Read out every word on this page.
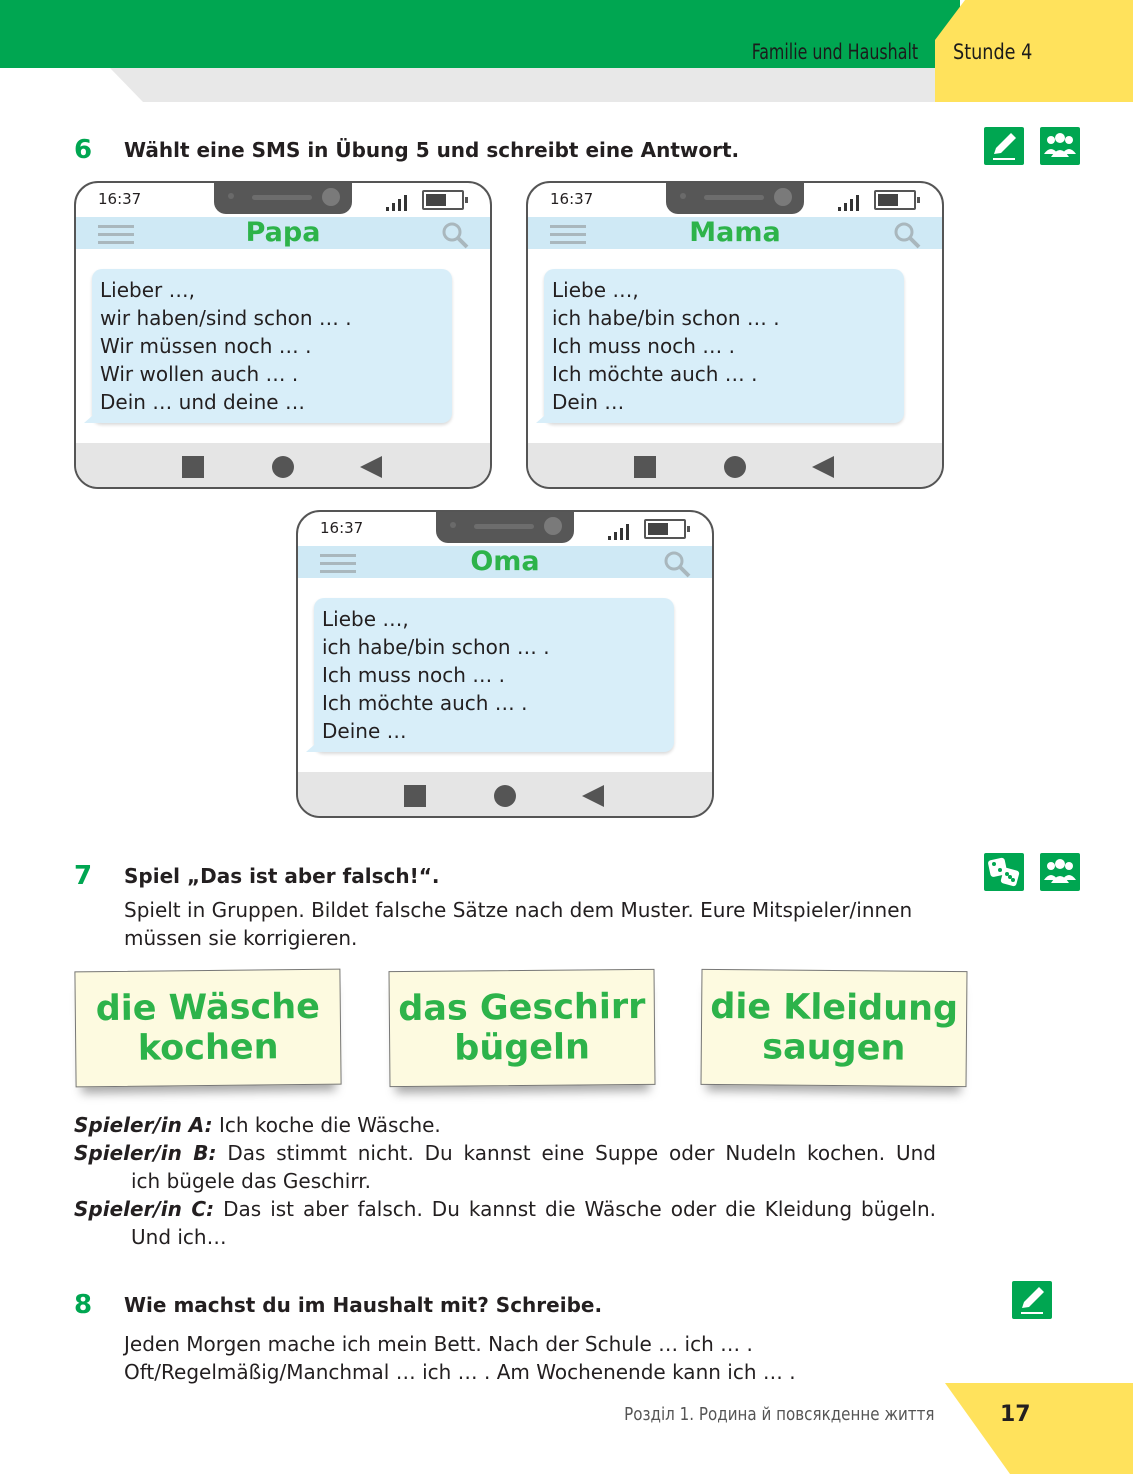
Familie und Haushalt Stunde 4
6 Wählt eine SMS in Übung 5 und schreibt eine Antwort.
16:37
Papa
Lieber …,
wir haben/sind schon … .
Wir müssen noch … .
Wir wollen auch … .
Dein … und deine …
16:37
Mama
Liebe …,
ich habe/bin schon … .
Ich muss noch … .
Ich möchte auch … .
Dein …
16:37
Oma
Liebe …,
ich habe/bin schon … .
Ich muss noch … .
Ich möchte auch … .
Deine …
7 Spiel „Das ist aber falsch!“.
Spielt in Gruppen. Bildet falsche Sätze nach dem Muster. Eure Mitspieler/innen
müssen sie korrigieren.
die Wäsche
kochen
das Geschirr
bügeln
die Kleidung
saugen
Spieler/in A: Ich koche die Wäsche.
Spieler/in B: Das stimmt nicht. Du kannst eine Suppe oder Nudeln kochen. Und
ich bügele das Geschirr.
Spieler/in C: Das ist aber falsch. Du kannst die Wäsche oder die Kleidung bügeln.
Und ich…
8 Wie machst du im Haushalt mit? Schreibe.
Jeden Morgen mache ich mein Bett. Nach der Schule … ich … .
Oft/Regelmäßig/Manchmal … ich … . Am Wochenende kann ich … .
Розділ 1. Родина й повсякденне життя	17
